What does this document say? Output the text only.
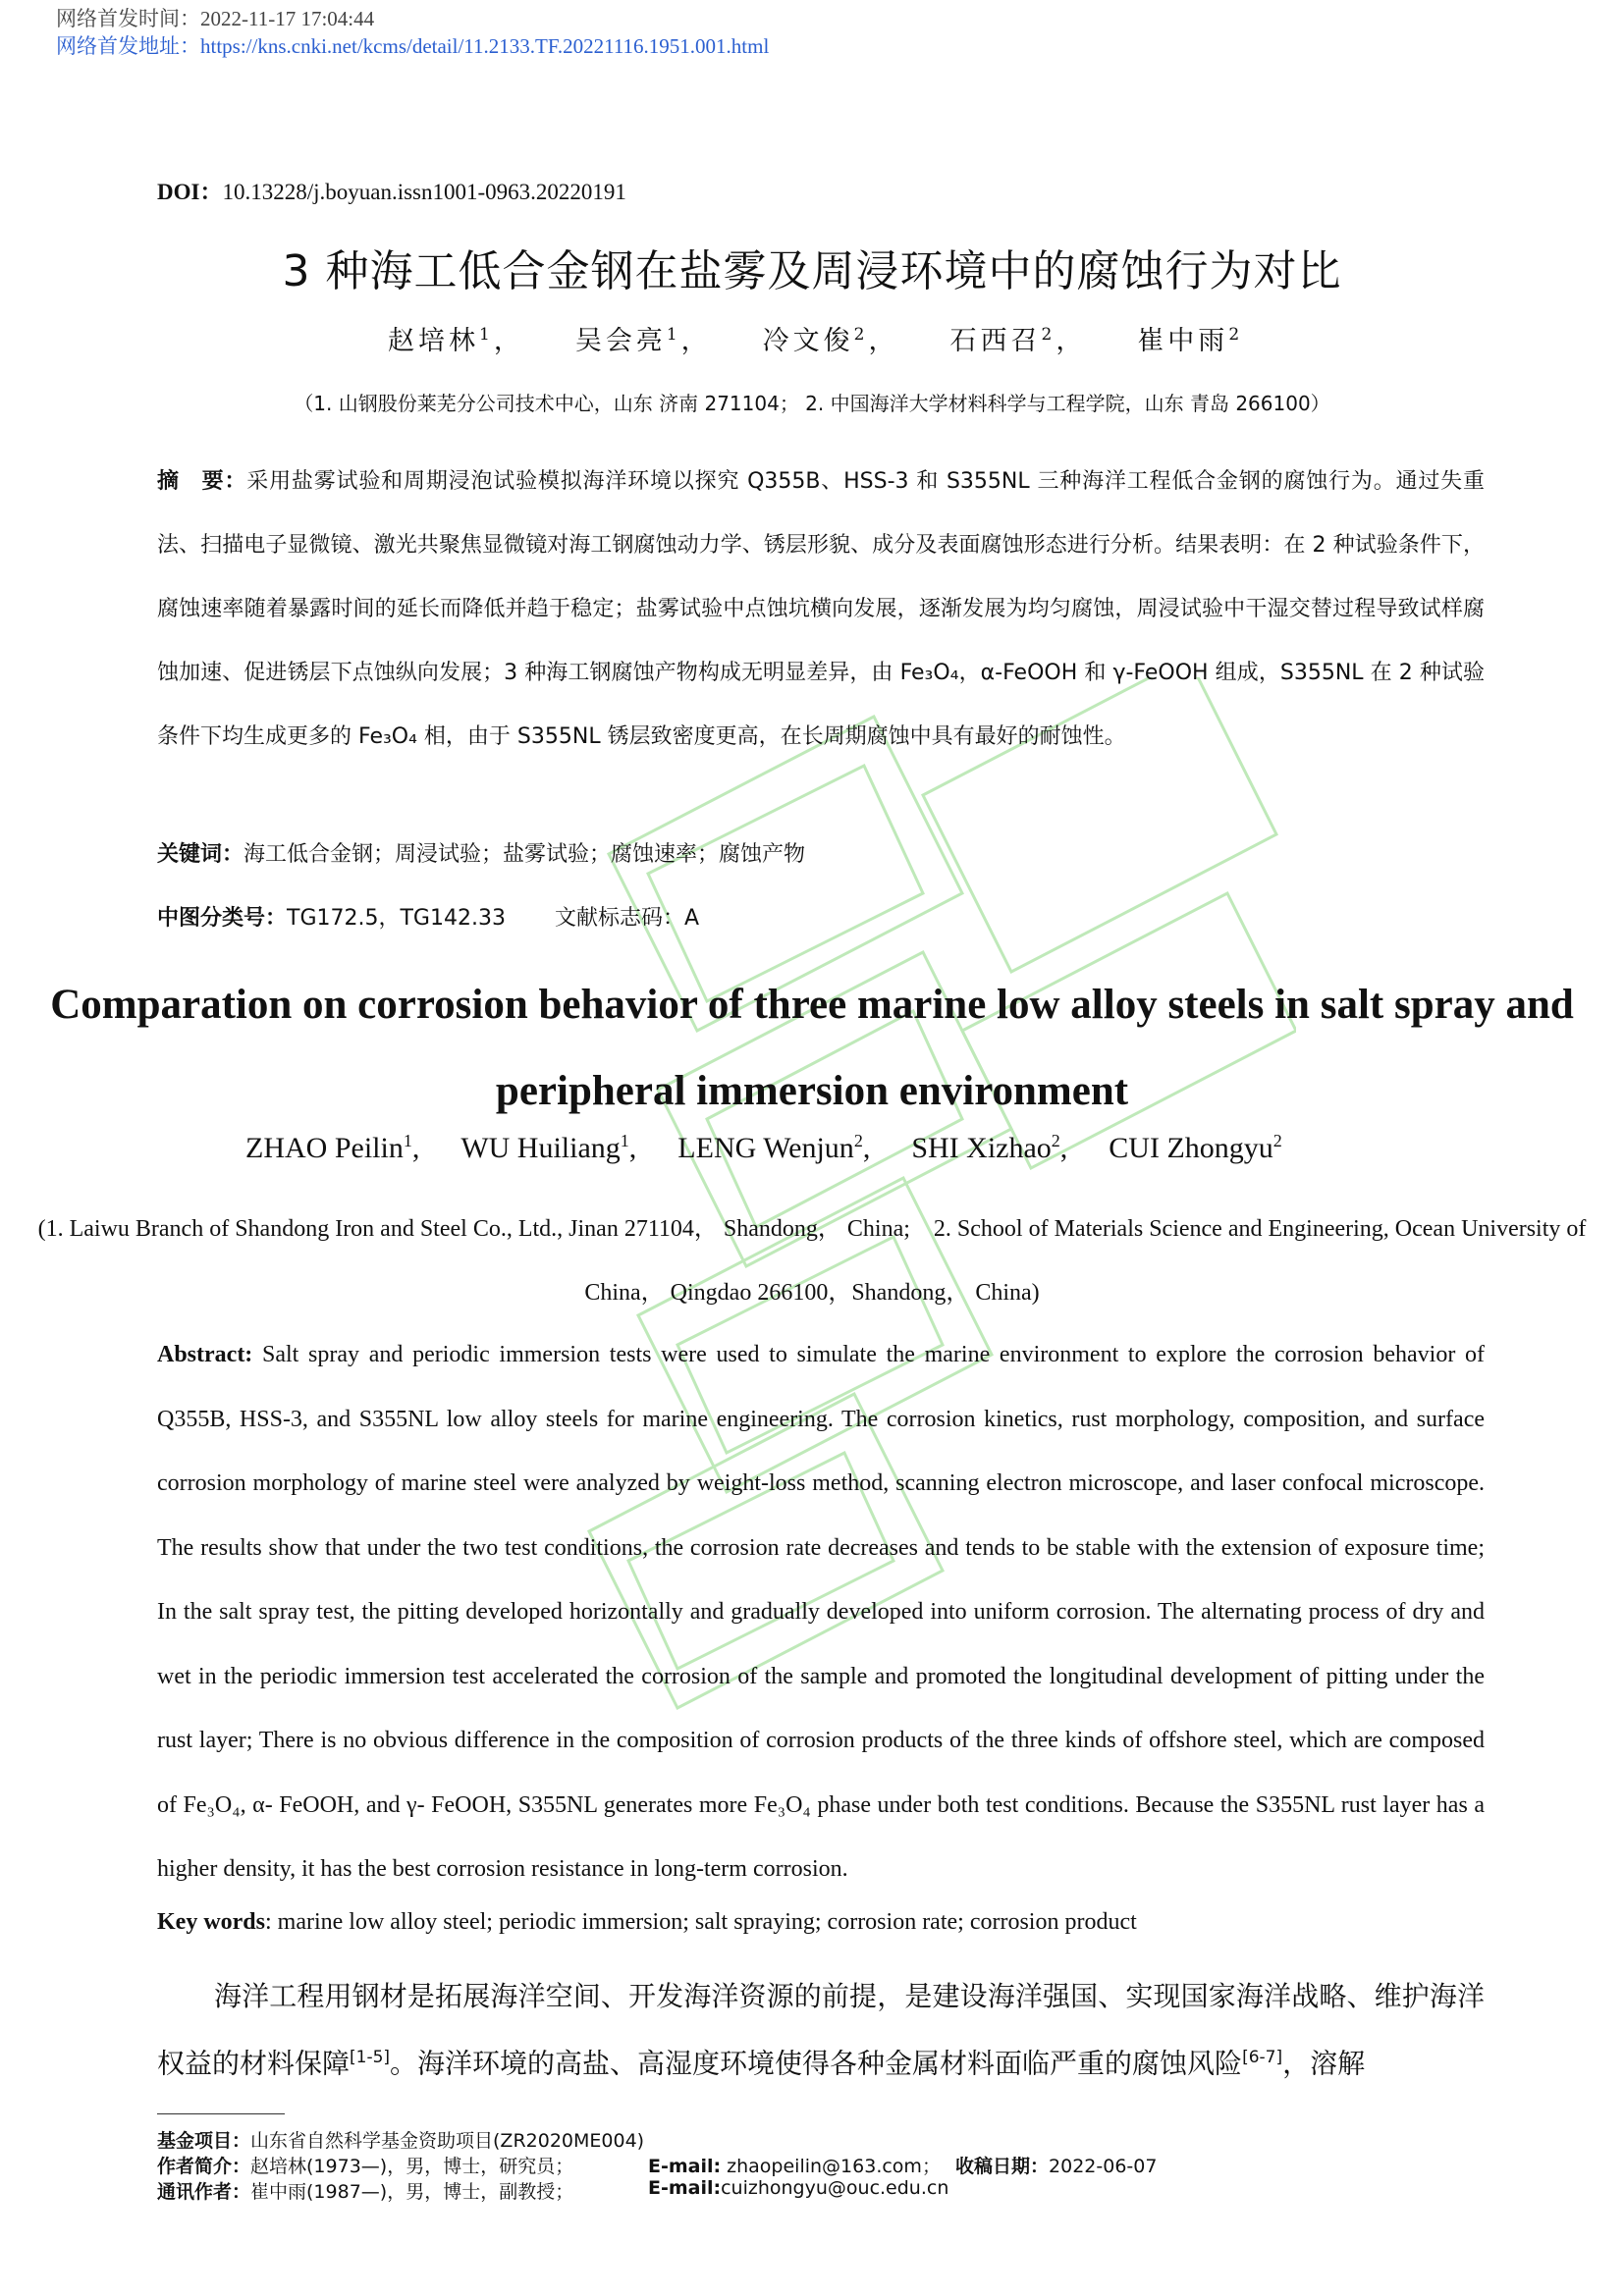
网络首发时间：2022-11-17 17:04:44
网络首发地址：https://kns.cnki.net/kcms/detail/11.2133.TF.20221116.1951.001.html
DOI：10.13228/j.boyuan.issn1001-0963.20220191
3 种海工低合金钢在盐雾及周浸环境中的腐蚀行为对比
赵培林$^1$， 吴会亮$^1$， 冷文俊$^2$， 石西召$^2$， 崔中雨$^2$
（1. 山钢股份莱芜分公司技术中心，山东 济南 271104； 2. 中国海洋大学材料科学与工程学院，山东 青岛 266100）
摘　要：采用盐雾试验和周期浸泡试验模拟海洋环境以探究 Q355B、HSS-3 和 S355NL 三种海洋工程低合金钢的腐蚀行为。通过失重法、扫描电子显微镜、激光共聚焦显微镜对海工钢腐蚀动力学、锈层形貌、成分及表面腐蚀形态进行分析。结果表明：在 2 种试验条件下，腐蚀速率随着暴露时间的延长而降低并趋于稳定；盐雾试验中点蚀坑横向发展，逐渐发展为均匀腐蚀，周浸试验中干湿交替过程导致试样腐蚀加速、促进锈层下点蚀纵向发展；3 种海工钢腐蚀产物构成无明显差异，由 Fe₃O₄，α-FeOOH 和 γ-FeOOH 组成，S355NL 在 2 种试验条件下均生成更多的 Fe₃O₄ 相，由于 S355NL 锈层致密度更高，在长周期腐蚀中具有最好的耐蚀性。
关键词：海工低合金钢；周浸试验；盐雾试验；腐蚀速率；腐蚀产物
中图分类号：TG172.5，TG142.33 文献标志码：A
Comparation on corrosion behavior of three marine low alloy steels in salt spray and peripheral immersion environment
ZHAO Peilin$^1$, WU Huiliang$^1$, LENG Wenjun$^2$, SHI Xizhao$^2$, CUI Zhongyu$^2$
(1. Laiwu Branch of Shandong Iron and Steel Co., Ltd., Jinan 271104， Shandong， China;　2. School of Materials Science and Engineering, Ocean University of China， Qingdao 266100，Shandong， China)
Abstract: Salt spray and periodic immersion tests were used to simulate the marine environment to explore the corrosion behavior of Q355B, HSS-3, and S355NL low alloy steels for marine engineering. The corrosion kinetics, rust morphology, composition, and surface corrosion morphology of marine steel were analyzed by weight-loss method, scanning electron microscope, and laser confocal microscope. The results show that under the two test conditions, the corrosion rate decreases and tends to be stable with the extension of exposure time; In the salt spray test, the pitting developed horizontally and gradually developed into uniform corrosion. The alternating process of dry and wet in the periodic immersion test accelerated the corrosion of the sample and promoted the longitudinal development of pitting under the rust layer; There is no obvious difference in the composition of corrosion products of the three kinds of offshore steel, which are composed of Fe₃O₄, α- FeOOH, and γ- FeOOH, S355NL generates more Fe₃O₄ phase under both test conditions. Because the S355NL rust layer has a higher density, it has the best corrosion resistance in long-term corrosion.
Key words: marine low alloy steel; periodic immersion; salt spraying; corrosion rate; corrosion product
海洋工程用钢材是拓展海洋空间、开发海洋资源的前提，是建设海洋强国、实现国家海洋战略、维护海洋权益的材料保障[1-5]。海洋环境的高盐、高湿度环境使得各种金属材料面临严重的腐蚀风险[6-7]，溶解
基金项目：山东省自然科学基金资助项目(ZR2020ME004)
作者简介：赵培林(1973—)，男，博士，研究员；	E-mail: zhaopeilin@163.com； 收稿日期：2022-06-07
通讯作者：崔中雨(1987—)，男，博士，副教授；	E-mail:cuizhongyu@ouc.edu.cn
